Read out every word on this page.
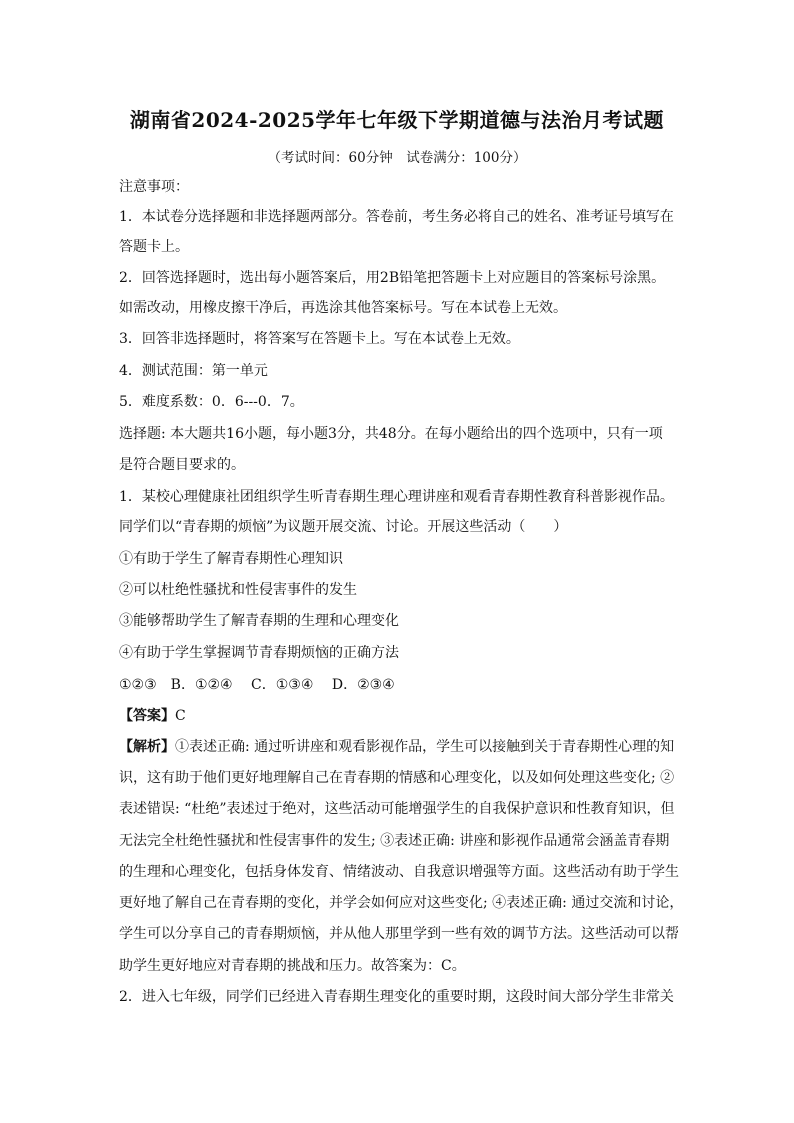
湖南省2024-2025学年七年级下学期道德与法治月考试题
（考试时间：60分钟　试卷满分：100分）
注意事项：
1．本试卷分选择题和非选择题两部分。答卷前，考生务必将自己的姓名、准考证号填写在
答题卡上。
2．回答选择题时，选出每小题答案后，用2B铅笔把答题卡上对应题目的答案标号涂黑。
如需改动，用橡皮擦干净后，再选涂其他答案标号。写在本试卷上无效。
3．回答非选择题时，将答案写在答题卡上。写在本试卷上无效。
4．测试范围：第一单元
5．难度系数：0．6---0．7。
选择题: 本大题共16小题，每小题3分，共48分。在每小题给出的四个选项中，只有一项
是符合题目要求的。
1．某校心理健康社团组织学生听青春期生理心理讲座和观看青春期性教育科普影视作品。
同学们以“青春期的烦恼”为议题开展交流、讨论。开展这些活动（　　）
①有助于学生了解青春期性心理知识
②可以杜绝性骚扰和性侵害事件的发生
③能够帮助学生了解青春期的生理和心理变化
④有助于学生掌握调节青春期烦恼的正确方法
①②③　B．①②④　 C．①③④　 D．②③④
【答案】C
【解析】①表述正确: 通过听讲座和观看影视作品，学生可以接触到关于青春期性心理的知
识，这有助于他们更好地理解自己在青春期的情感和心理变化，以及如何处理这些变化; ②
表述错误: “杜绝”表述过于绝对，这些活动可能增强学生的自我保护意识和性教育知识，但
无法完全杜绝性骚扰和性侵害事件的发生; ③表述正确: 讲座和影视作品通常会涵盖青春期
的生理和心理变化，包括身体发育、情绪波动、自我意识增强等方面。这些活动有助于学生
更好地了解自己在青春期的变化，并学会如何应对这些变化; ④表述正确: 通过交流和讨论，
学生可以分享自己的青春期烦恼，并从他人那里学到一些有效的调节方法。这些活动可以帮
助学生更好地应对青春期的挑战和压力。故答案为：C。
2．进入七年级，同学们已经进入青春期生理变化的重要时期，这段时间大部分学生非常关
